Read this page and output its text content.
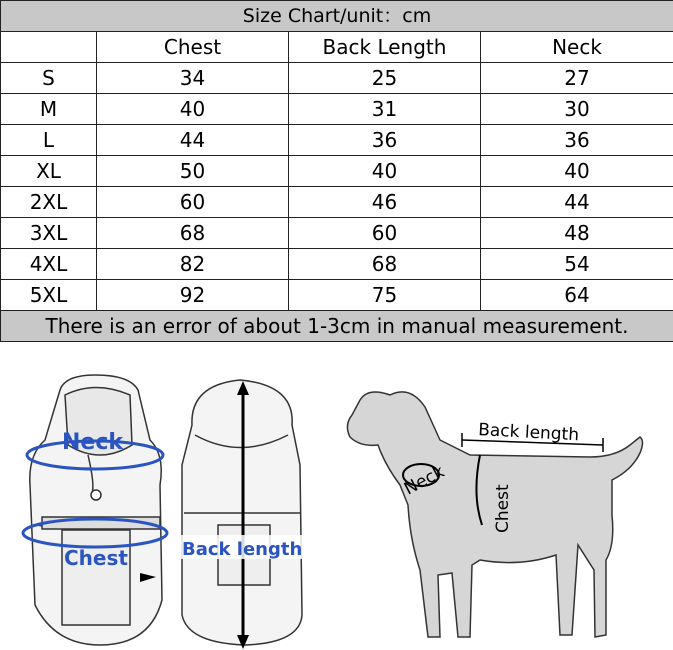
Size Chart/unit：cm			
	Chest	Back Length	Neck
S	34	25	27
M	40	31	30
L	44	36	36
XL	50	40	40
2XL	60	46	44
3XL	68	60	48
4XL	82	68	54
5XL	92	75	64
There is an error of about 1-3cm in manual measurement.			
Neck
Chest	Back length
Back length
Neck
Chest
